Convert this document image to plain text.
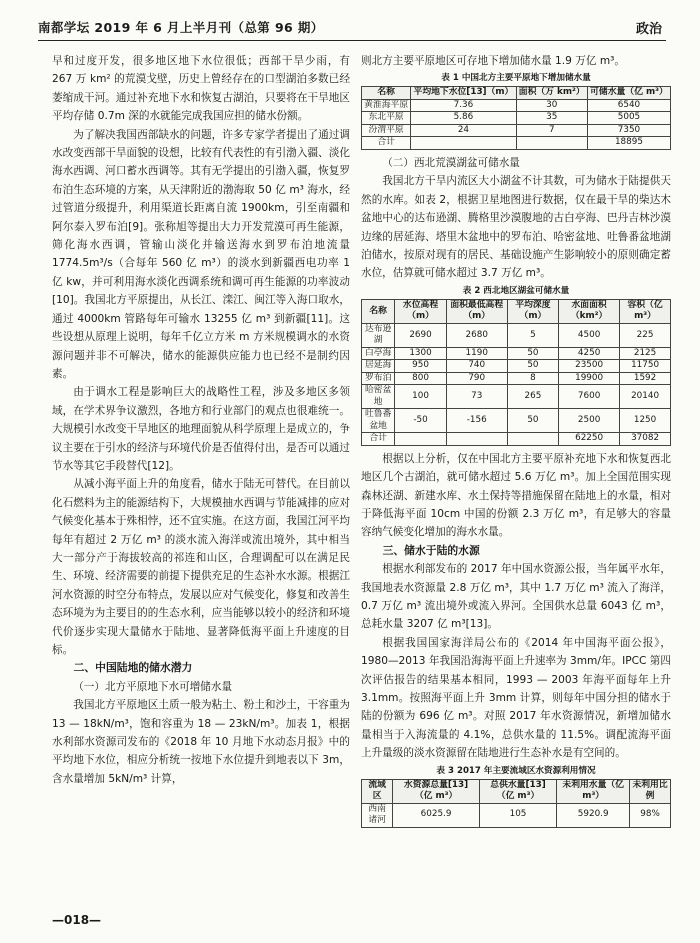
南都学坛 2019 年 6 月上半月刊（总第 96 期）	政治

早和过度开发，很多地区地下水位很低；西部干旱少雨，有 267 万 km² 的荒漠戈壁，历史上曾经存在的口型湖泊多数已经萎缩成干河。通过补充地下水和恢复古湖泊，只要将在干旱地区平均存储 0.7m 深的水就能完成我国应担的储水份额。

为了解决我国西部缺水的问题，许多专家学者提出了通过调水改变西部干旱面貌的设想，比较有代表性的有引渤入疆、淡化海水西调、河口蓄水西调等。其有无学提出的引渤入疆，恢复罗布泊生态环境的方案，从天津附近的渤海取 50 亿 m³ 海水，经过管道分级提升，利用渠道长距离自流 1900km，引至南疆和阿尔泰入罗布泊[9]。张称旭等提出大力开发荒漠可再生能源，筛化海水西调，管输山淡化并输送海水到罗布泊地流量 1774.5m³/s（合每年 560 亿 m³）的淡水到新疆西电功率 1 亿 kw，并可利用海水淡化西调系统和调可再生能源的功率波动[10]。我国北方平原提出，从长江、滦江、闽江等入海口取水，通过 4000km 管路每年可输水 13255 亿 m³ 到新疆[11]。这些设想从原理上说明，每年千亿立方米 m 方米规模调水的水资源问题并非不可解决，储水的能源供应能力也已经不是制约因素。

由于调水工程是影响巨大的战略性工程，涉及多地区多领域，在学术界争议激烈，各地方和行业部门的观点也很难统一。大规模引水改变干旱地区的地理面貌从科学原理上是成立的，争议主要在于引水的经济与环境代价是否值得付出，是否可以通过节水等其它手段替代[12]。

从减小海平面上升的角度看，储水于陆无可替代。在目前以化石燃料为主的能源结构下，大规模抽水西调与节能减排的应对气候变化基本于殊相悖，还不宜实施。在这方面，我国江河平均每年有超过 2 万亿 m³ 的淡水流入海洋或流出境外，其中相当大一部分产于海拔较高的祁连和山区，合理调配可以在满足民生、环境、经济需要的前提下提供充足的生态补水水源。根据江河水资源的时空分布特点，发展以应对气候变化，修复和改善生态环境为为主要目的的生态水利，应当能够以较小的经济和环境代价逐步实现大量储水于陆地、显著降低海平面上升速度的目标。

二、中国陆地的储水潜力
（一）北方平原地下水可增储水量

我国北方平原地区土质一般为粘土、粉土和沙土，干容重为 13 — 18kN/m³，饱和容重为 18 — 23kN/m³。加表 1，根据水利部水资源司发布的《2018 年 10 月地下水动态月报》中的平均地下水位，相应分析统一按地下水位提升到地表以下 3m，含水量增加 5kN/m³ 计算，

则北方主要平原地区可存地下增加储水量 1.9 万亿 m³。

表 1 中国北方主要平原地下增加储水量
名称	平均地下水位[13]（m）	面积（万 km²）	可储水量（亿 m³）
黄淮海平原	7.36	30	6540
东北平原	5.86	35	5005
汾渭平原	24	7	7350
合计			18895
（二）西北荒漠湖盆可储水量

我国北方干旱内流区大小湖盆不计其数，可为储水于陆提供天然的水库。如表 2，根据卫星地图进行数据，仅在最干旱的柴达木盆地中心的达布逊湖、腾格里沙漠腹地的古白亭海、巴丹吉林沙漠边缘的居延海、塔里木盆地中的罗布泊、哈密盆地、吐鲁番盆地湖泊储水，按原对现有的居民、基础设施产生影响较小的原则确定蓄水位，估算就可储水超过 3.7 万亿 m³。

表 2 西北地区湖盆可储水量
名称	水位高程（m）	面积最低高程（m）	平均深度（m）	水面面积（km²）	容积（亿 m³）
达布逊湖	2690	2680	5	4500	225
白亭海	1300	1190	50	4250	2125
居延海	950	740	50	23500	11750
罗布泊	800	790	8	19900	1592
哈密盆地	100	73	265	7600	20140
吐鲁番盆地	-50	-156	50	2500	1250
合计				62250	37082

根据以上分析，仅在中国北方主要平原补充地下水和恢复西北地区几个古湖泊，就可储水超过 5.6 万亿 m³。加上全国范围实现森林还湖、新建水库、水土保持等措施保留在陆地上的水量，相对于降低海平面 10cm 中国的份额 2.3 万亿 m³，有足够大的容量容纳气候变化增加的海水水量。

三、储水于陆的水源

根据水利部发布的 2017 年中国水资源公报，当年属平水年，我国地表水资源量 2.8 万亿 m³，其中 1.7 万亿 m³ 流入了海洋，0.7 万亿 m³ 流出境外或流入界河。全国供水总量 6043 亿 m³，总耗水量 3207 亿 m³[13]。

根据我国国家海洋局公布的《2014 年中国海平面公报》，1980—2013 年我国沿海海平面上升速率为 3mm/年。IPCC 第四次评估报告的结果基本相同，1993 — 2003 年海平面每年上升 3.1mm。按照海平面上升 3mm 计算，则每年中国分担的储水于陆的份额为 696 亿 m³。对照 2017 年水资源情况，新增加储水量相当于入海流量的 4.1%，总供水量的 11.5%。调配流海平面上升量级的淡水资源留在陆地进行生态补水是有空间的。

表 3 2017 年主要流域区水资源利用情况
流域区	水资源总量[13]（亿 m³）	总供水量[13]（亿 m³）	未利用水量（亿 m³）	未利用比例
西南诸河	6025.9	105	5920.9	98%
—018—
